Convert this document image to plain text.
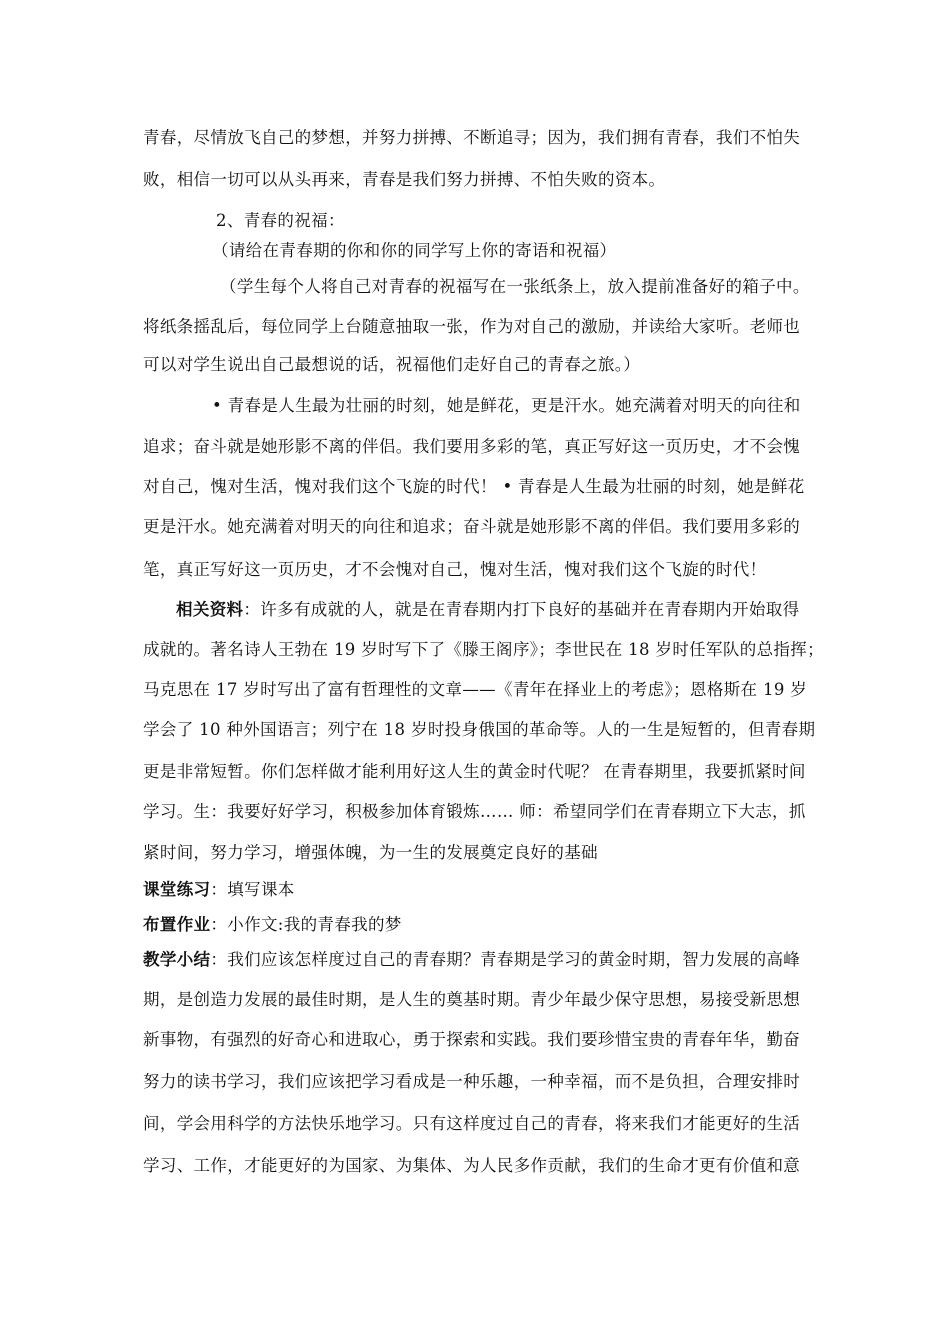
青春，尽情放飞自己的梦想，并努力拼搏、不断追寻；因为，我们拥有青春，我们不怕失
败，相信一切可以从头再来，青春是我们努力拼搏、不怕失败的资本。
2、青春的祝福：
（请给在青春期的你和你的同学写上你的寄语和祝福）
（学生每个人将自己对青春的祝福写在一张纸条上，放入提前准备好的箱子中。
将纸条摇乱后，每位同学上台随意抽取一张，作为对自己的激励，并读给大家听。老师也
可以对学生说出自己最想说的话，祝福他们走好自己的青春之旅。）
• 青春是人生最为壮丽的时刻，她是鲜花，更是汗水。她充满着对明天的向往和
追求；奋斗就是她形影不离的伴侣。我们要用多彩的笔，真正写好这一页历史，才不会愧
对自己，愧对生活，愧对我们这个飞旋的时代！ • 青春是人生最为壮丽的时刻，她是鲜花
更是汗水。她充满着对明天的向往和追求；奋斗就是她形影不离的伴侣。我们要用多彩的
笔，真正写好这一页历史，才不会愧对自己，愧对生活，愧对我们这个飞旋的时代！
相关资料：许多有成就的人，就是在青春期内打下良好的基础并在青春期内开始取得
成就的。著名诗人王勃在 19 岁时写下了《滕王阁序》；李世民在 18 岁时任军队的总指挥；
马克思在 17 岁时写出了富有哲理性的文章——《青年在择业上的考虑》；恩格斯在 19 岁
学会了 10 种外国语言；列宁在 18 岁时投身俄国的革命等。人的一生是短暂的，但青春期
更是非常短暂。你们怎样做才能利用好这人生的黄金时代呢？ 在青春期里，我要抓紧时间
学习。生：我要好好学习，积极参加体育锻炼…… 师：希望同学们在青春期立下大志，抓
紧时间，努力学习，增强体魄，为一生的发展奠定良好的基础
课堂练习：填写课本
布置作业：小作文:我的青春我的梦
教学小结：我们应该怎样度过自己的青春期？青春期是学习的黄金时期，智力发展的高峰
期，是创造力发展的最佳时期，是人生的奠基时期。青少年最少保守思想，易接受新思想
新事物，有强烈的好奇心和进取心，勇于探索和实践。我们要珍惜宝贵的青春年华，勤奋
努力的读书学习，我们应该把学习看成是一种乐趣，一种幸福，而不是负担，合理安排时
间，学会用科学的方法快乐地学习。只有这样度过自己的青春，将来我们才能更好的生活
学习、工作，才能更好的为国家、为集体、为人民多作贡献，我们的生命才更有价值和意
